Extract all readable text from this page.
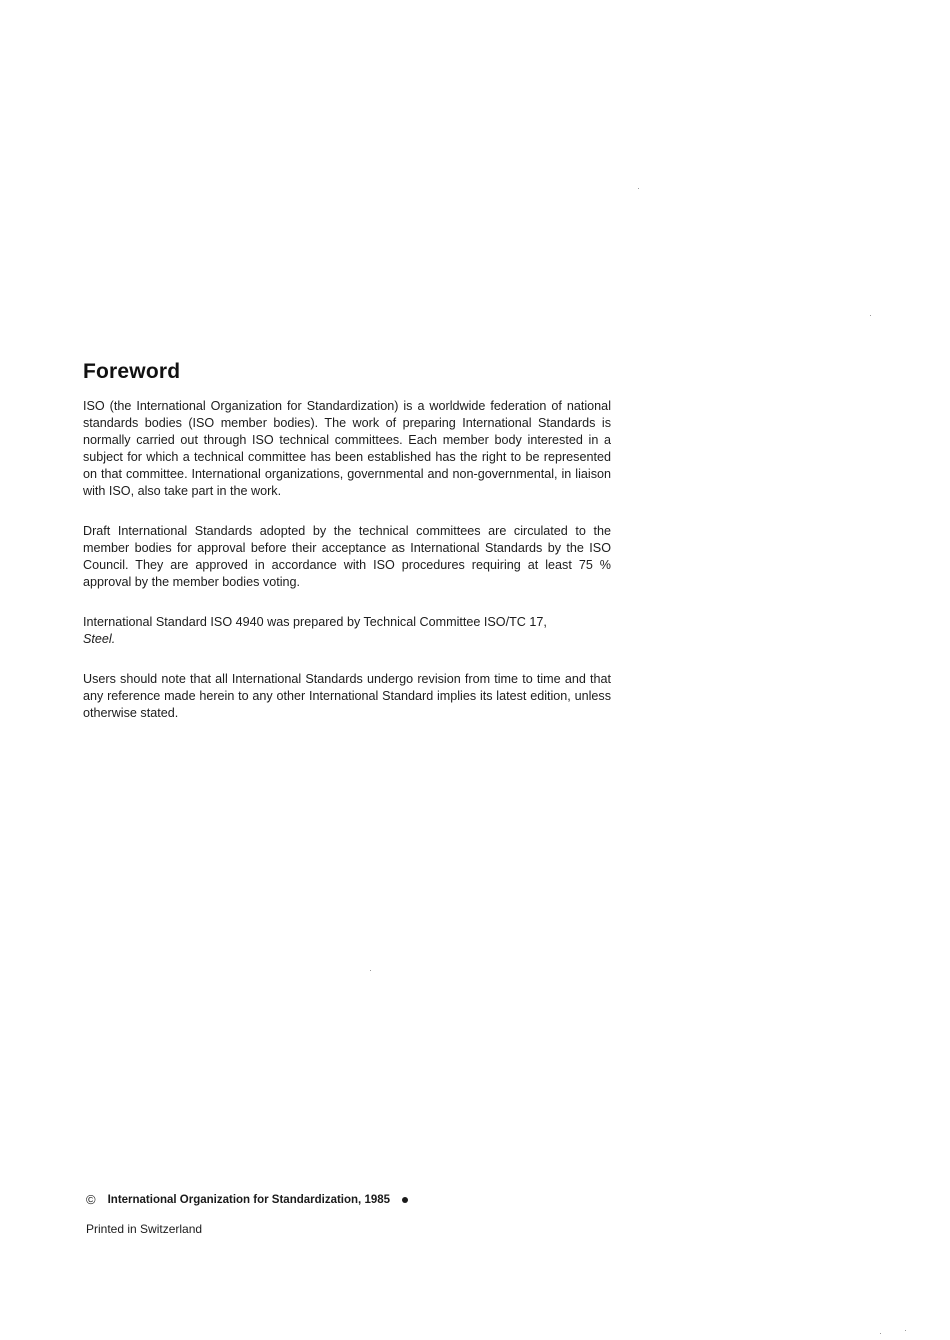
Foreword

ISO (the International Organization for Standardization) is a worldwide federation of national standards bodies (ISO member bodies). The work of preparing International Standards is normally carried out through ISO technical committees. Each member body interested in a subject for which a technical committee has been established has the right to be represented on that committee. International organizations, governmental and non-governmental, in liaison with ISO, also take part in the work.

Draft International Standards adopted by the technical committees are circulated to the member bodies for approval before their acceptance as International Standards by the ISO Council. They are approved in accordance with ISO procedures requiring at least 75 % approval by the member bodies voting.

International Standard ISO 4940 was prepared by Technical Committee ISO/TC 17,
Steel.

Users should note that all International Standards undergo revision from time to time and that any reference made herein to any other International Standard implies its latest edition, unless otherwise stated.

© International Organization for Standardization, 1985
Printed in Switzerland
